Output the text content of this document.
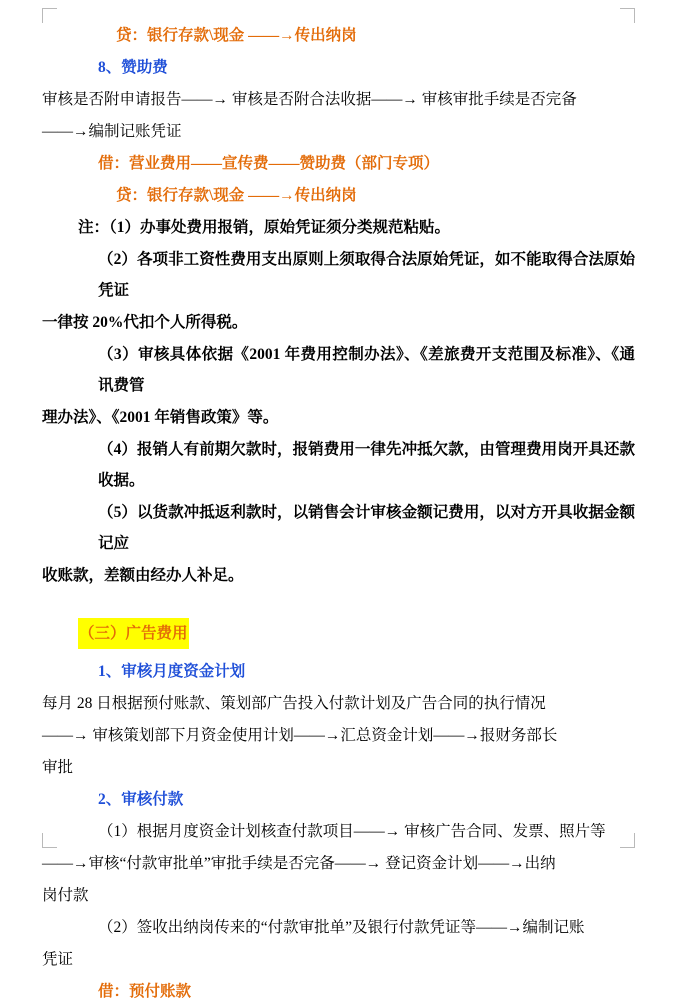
贷：银行存款\现金 ——→传出纳岗

8、赞助费

审核是否附申请报告——→ 审核是否附合法收据——→ 审核审批手续是否完备

——→编制记账凭证

借：营业费用——宣传费——赞助费（部门专项）

贷：银行存款\现金 ——→传出纳岗

注：（1）办事处费用报销，原始凭证须分类规范粘贴。

（2）各项非工资性费用支出原则上须取得合法原始凭证，如不能取得合法原始凭证

一律按 20%代扣个人所得税。

（3）审核具体依据《2001 年费用控制办法》、《差旅费开支范围及标准》、《通讯费管

理办法》、《2001 年销售政策》等。

（4）报销人有前期欠款时，报销费用一律先冲抵欠款，由管理费用岗开具还款收据。

（5）以货款冲抵返利款时，以销售会计审核金额记费用，以对方开具收据金额记应

收账款，差额由经办人补足。

（三）广告费用

1、审核月度资金计划

每月 28 日根据预付账款、策划部广告投入付款计划及广告合同的执行情况

——→ 审核策划部下月资金使用计划——→汇总资金计划——→报财务部长

审批

2、审核付款

（1）根据月度资金计划核查付款项目——→ 审核广告合同、发票、照片等

——→审核“付款审批单”审批手续是否完备——→ 登记资金计划——→出纳

岗付款

（2）签收出纳岗传来的“付款审批单”及银行付款凭证等——→编制记账

凭证

借：预付账款
